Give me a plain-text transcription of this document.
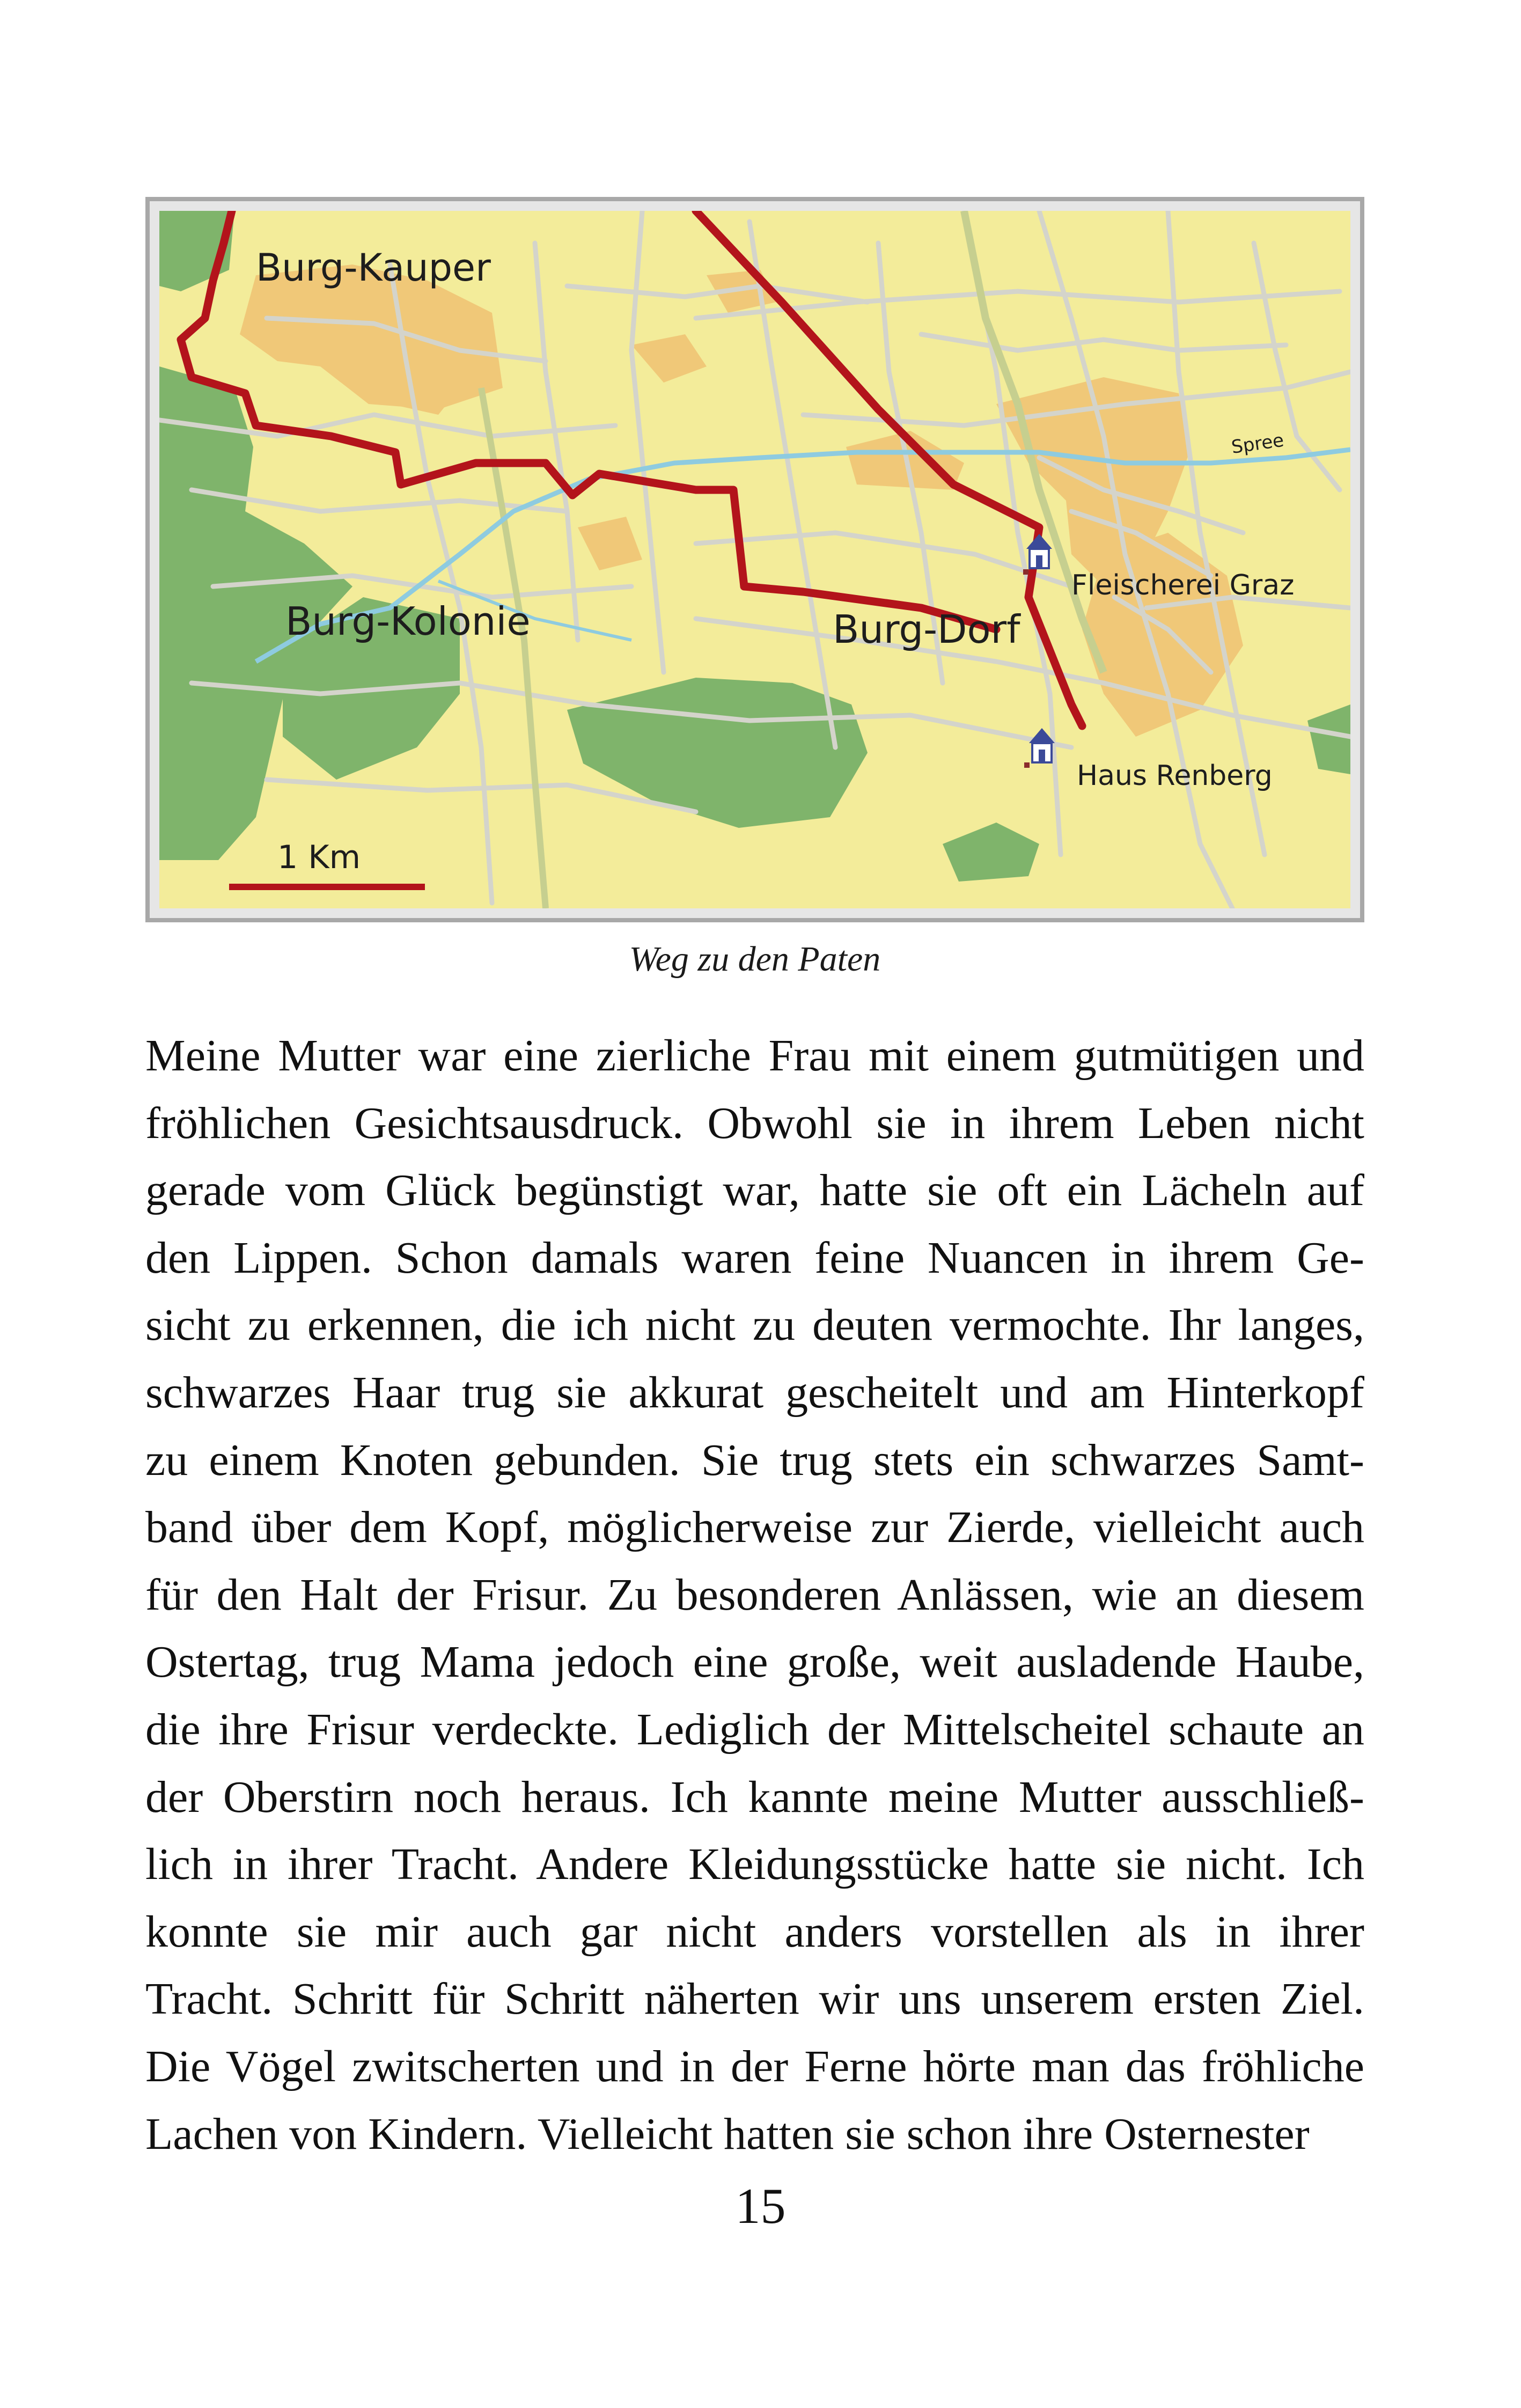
Burg-Kauper
Burg-Kolonie	Burg-Dorf
Spree
Fleischerei Graz
Haus Renberg
1 Km
Weg zu den Paten

Meine Mutter war eine zierliche Frau mit einem gutmütigen und
fröhlichen Gesichtsausdruck. Obwohl sie in ihrem Leben nicht
gerade vom Glück begünstigt war, hatte sie oft ein Lächeln auf
den Lippen. Schon damals waren feine Nuancen in ihrem Ge-
sicht zu erkennen, die ich nicht zu deuten vermochte. Ihr langes,
schwarzes Haar trug sie akkurat gescheitelt und am Hinterkopf
zu einem Knoten gebunden. Sie trug stets ein schwarzes Samt-
band über dem Kopf, möglicherweise zur Zierde, vielleicht auch
für den Halt der Frisur. Zu besonderen Anlässen, wie an diesem
Ostertag, trug Mama jedoch eine große, weit ausladende Haube,
die ihre Frisur verdeckte. Lediglich der Mittelscheitel schaute an
der Oberstirn noch heraus. Ich kannte meine Mutter ausschließ-
lich in ihrer Tracht. Andere Kleidungsstücke hatte sie nicht. Ich
konnte sie mir auch gar nicht anders vorstellen als in ihrer
Tracht. Schritt für Schritt näherten wir uns unserem ersten Ziel.
Die Vögel zwitscherten und in der Ferne hörte man das fröhliche
Lachen von Kindern. Vielleicht hatten sie schon ihre Osternester

15
